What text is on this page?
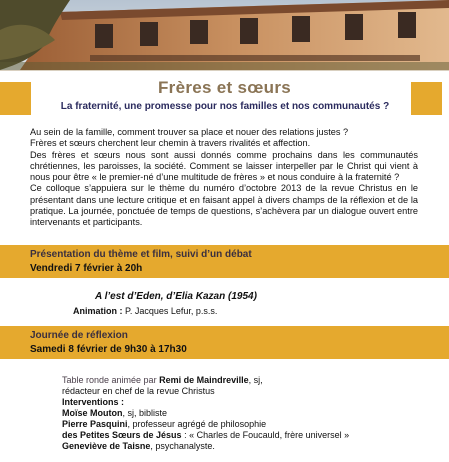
Frères et sœurs
La fraternité, une promesse pour nos familles et nos communautés ?

Au sein de la famille, comment trouver sa place et nouer des relations justes ?

Frères et sœurs cherchent leur chemin à travers rivalités et affection.

Des frères et sœurs nous sont aussi donnés comme prochains dans les communautés chrétiennes, les paroisses, la société. Comment se laisser interpeller par le Christ qui vient à nous pour être « le premier-né d’une multitude de frères » et nous conduire à la fraternité ?

Ce colloque s’appuiera sur le thème du numéro d’octobre 2013 de la revue Christus en le présentant dans une lecture critique et en faisant appel à divers champs de la réflexion et de la pratique. La journée, ponctuée de temps de questions, s’achèvera par un dialogue ouvert entre intervenants et participants.

Présentation du thème et film, suivi d’un débat
Vendredi 7 février à 20h
A l’est d’Eden, d’Elia Kazan (1954)
Animation : P. Jacques Lefur, p.s.s.
Journée de réflexion
Samedi 8 février de 9h30 à 17h30
Table ronde animée par Remi de Maindreville, sj,
rédacteur en chef de la revue Christus
Interventions :
Moïse Mouton, sj, bibliste
Pierre Pasquini, professeur agrégé de philosophie
des Petites Sœurs de Jésus : « Charles de Foucauld, frère universel »
Geneviève de Taisne, psychanalyste.
